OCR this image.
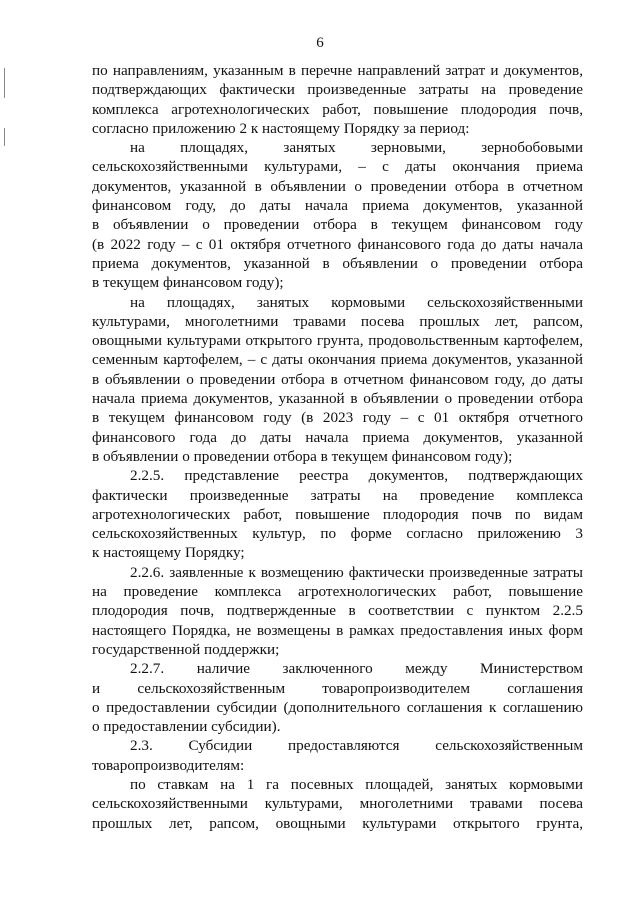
6
по направлениям, указанным в перечне направлений затрат и документов,
подтверждающих фактически произведенные затраты на проведение
комплекса агротехнологических работ, повышение плодородия почв,
согласно приложению 2 к настоящему Порядку за период:
на площадях, занятых зерновыми, зернобобовыми
сельскохозяйственными культурами, – с даты окончания приема
документов, указанной в объявлении о проведении отбора в отчетном
финансовом году, до даты начала приема документов, указанной
в объявлении о проведении отбора в текущем финансовом году
(в 2022 году – с 01 октября отчетного финансового года до даты начала
приема документов, указанной в объявлении о проведении отбора
в текущем финансовом году);
на площадях, занятых кормовыми сельскохозяйственными
культурами, многолетними травами посева прошлых лет, рапсом,
овощными культурами открытого грунта, продовольственным картофелем,
семенным картофелем, – с даты окончания приема документов, указанной
в объявлении о проведении отбора в отчетном финансовом году, до даты
начала приема документов, указанной в объявлении о проведении отбора
в текущем финансовом году (в 2023 году – с 01 октября отчетного
финансового года до даты начала приема документов, указанной
в объявлении о проведении отбора в текущем финансовом году);
2.2.5. представление реестра документов, подтверждающих
фактически произведенные затраты на проведение комплекса
агротехнологических работ, повышение плодородия почв по видам
сельскохозяйственных культур, по форме согласно приложению 3
к настоящему Порядку;
2.2.6. заявленные к возмещению фактически произведенные затраты
на проведение комплекса агротехнологических работ, повышение
плодородия почв, подтвержденные в соответствии с пунктом 2.2.5
настоящего Порядка, не возмещены в рамках предоставления иных форм
государственной поддержки;
2.2.7. наличие заключенного между Министерством
и сельскохозяйственным товаропроизводителем соглашения
о предоставлении субсидии (дополнительного соглашения к соглашению
о предоставлении субсидии).
2.3. Субсидии предоставляются сельскохозяйственным
товаропроизводителям:
по ставкам на 1 га посевных площадей, занятых кормовыми
сельскохозяйственными культурами, многолетними травами посева
прошлых лет, рапсом, овощными культурами открытого грунта,
